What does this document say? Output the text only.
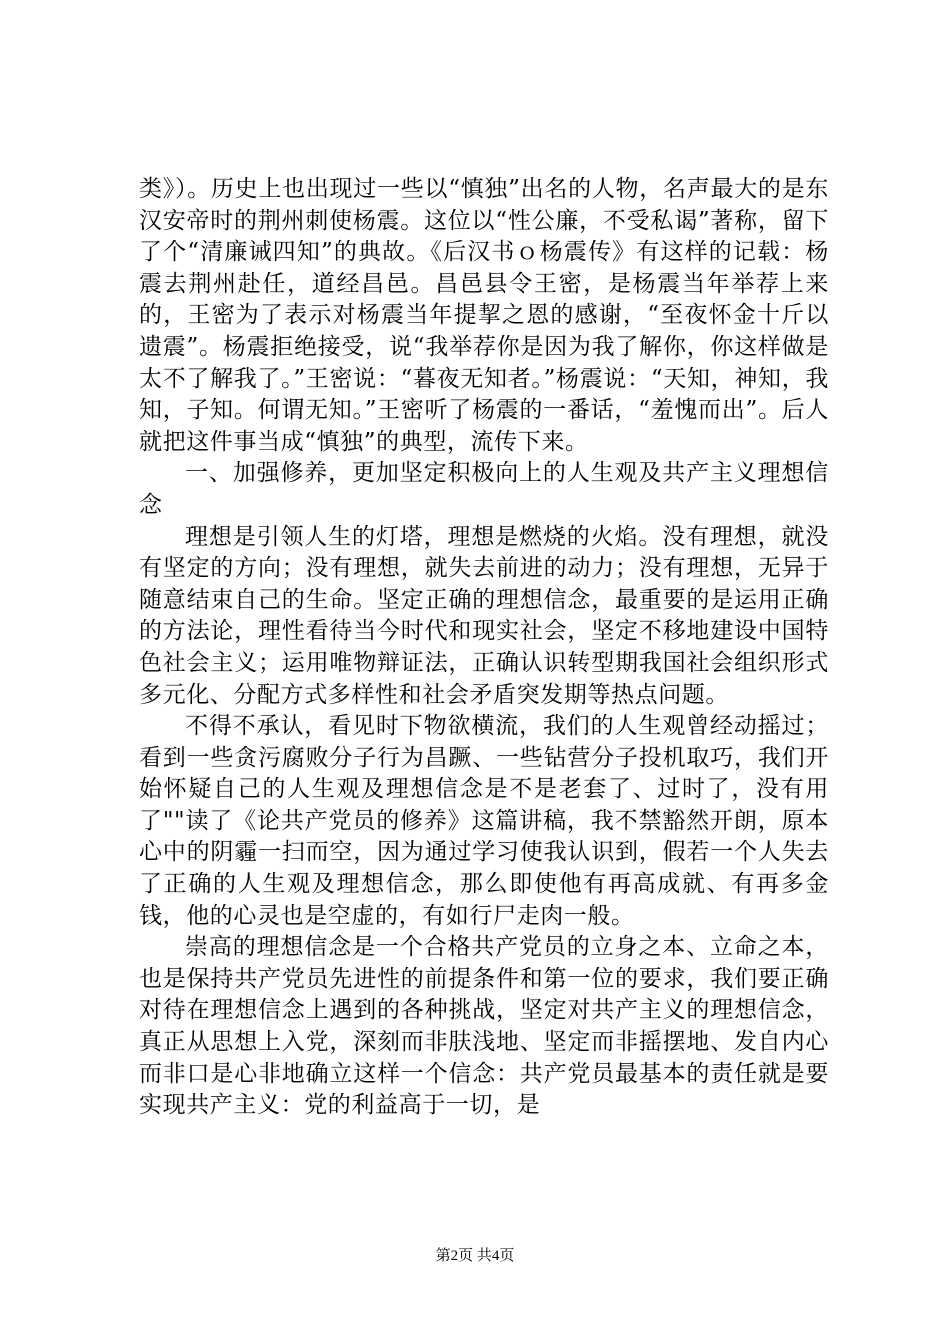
类》）。历史上也出现过一些以“慎独”出名的人物，名声最大的是东汉安帝时的荆州刺使杨震。这位以“性公廉，不受私谒”著称，留下了个“清廉诫四知”的典故。《后汉书ｏ杨震传》有这样的记载：杨震去荆州赴任，道经昌邑。昌邑县令王密，是杨震当年举荐上来的，王密为了表示对杨震当年提挈之恩的感谢，“至夜怀金十斤以遗震”。杨震拒绝接受，说“我举荐你是因为我了解你，你这样做是太不了解我了。”王密说：“暮夜无知者。”杨震说：“天知，神知，我知，子知。何谓无知。”王密听了杨震的一番话，“羞愧而出”。后人就把这件事当成“慎独”的典型，流传下来。

一、加强修养，更加坚定积极向上的人生观及共产主义理想信念

理想是引领人生的灯塔，理想是燃烧的火焰。没有理想，就没有坚定的方向；没有理想，就失去前进的动力；没有理想，无异于随意结束自己的生命。坚定正确的理想信念，最重要的是运用正确的方法论，理性看待当今时代和现实社会，坚定不移地建设中国特色社会主义；运用唯物辩证法，正确认识转型期我国社会组织形式多元化、分配方式多样性和社会矛盾突发期等热点问题。

不得不承认，看见时下物欲横流，我们的人生观曾经动摇过；看到一些贪污腐败分子行为昌蹶、一些钻营分子投机取巧，我们开始怀疑自己的人生观及理想信念是不是老套了、过时了，没有用了""读了《论共产党员的修养》这篇讲稿，我不禁豁然开朗，原本心中的阴霾一扫而空，因为通过学习使我认识到，假若一个人失去了正确的人生观及理想信念，那么即使他有再高成就、有再多金钱，他的心灵也是空虚的，有如行尸走肉一般。

崇高的理想信念是一个合格共产党员的立身之本、立命之本，也是保持共产党员先进性的前提条件和第一位的要求，我们要正确对待在理想信念上遇到的各种挑战，坚定对共产主义的理想信念，真正从思想上入党，深刻而非肤浅地、坚定而非摇摆地、发自内心而非口是心非地确立这样一个信念：共产党员最基本的责任就是要实现共产主义：党的利益高于一切，是

第2页 共4页
